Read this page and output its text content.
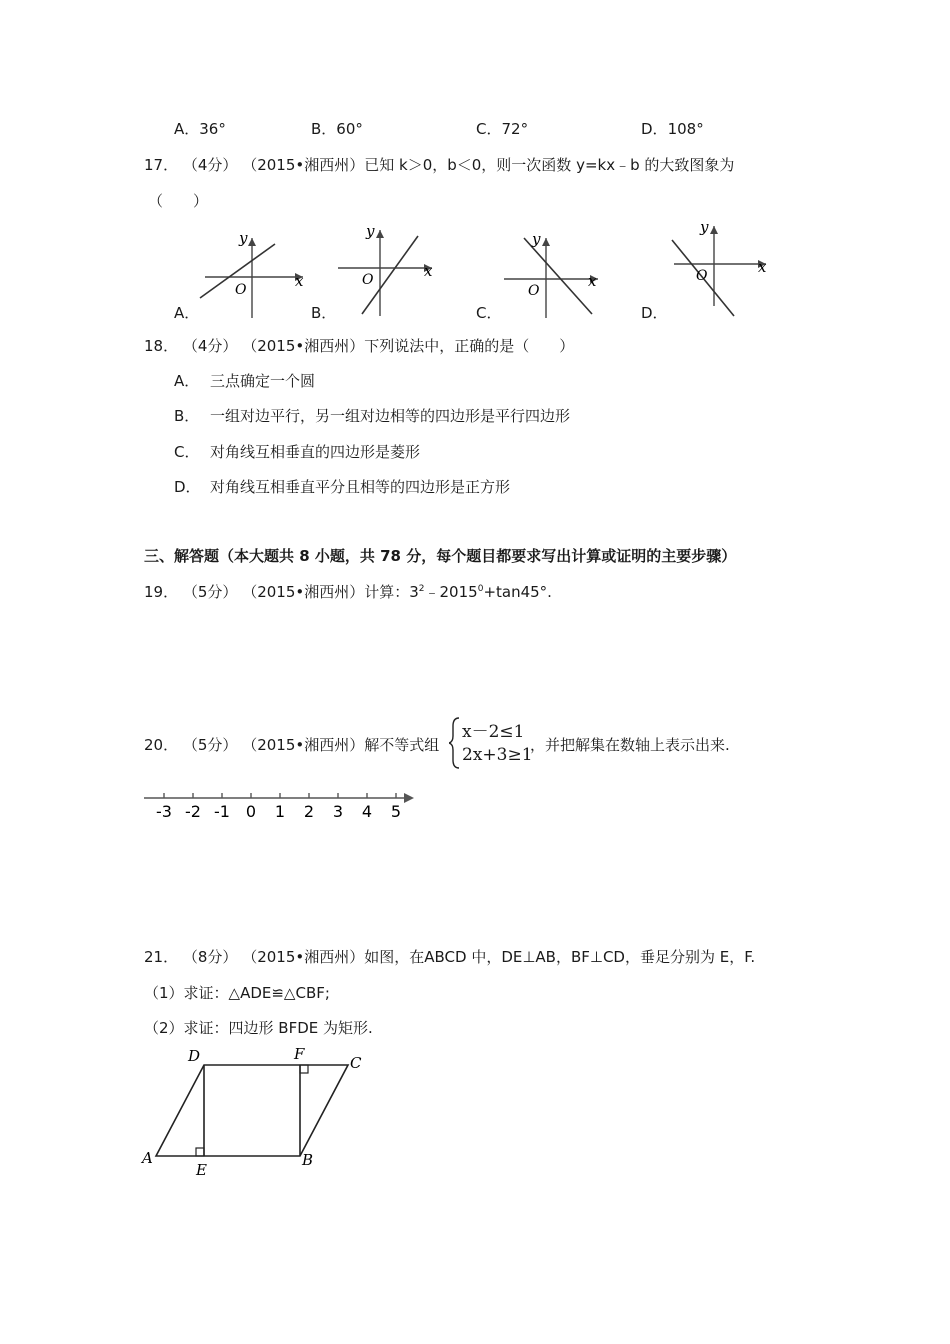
A．36°	B．60°	C．72°	D．108°
17． （4分） （2015•湘西州）已知 k＞0，b＜0，则一次函数 y=kx﹣b 的大致图象为
（　　）
y
x
O
A．
y
x
O
B．
y
x
O
C．
y
x
O
D．
18． （4分） （2015•湘西州）下列说法中，正确的是（　　）
A． 三点确定一个圆
B． 一组对边平行，另一组对边相等的四边形是平行四边形
C． 对角线互相垂直的四边形是菱形
D． 对角线互相垂直平分且相等的四边形是正方形
三、解答题（本大题共 8 小题，共 78 分，每个题目都要求写出计算或证明的主要步骤）
19． （5分） （2015•湘西州）计算：$3^2﹣2015^0+\tan 45^\circ$.
20． （5分） （2015•湘西州）解不等式组
x－2≤1
2x+3≥1
，并把解集在数轴上表示出来.
-3 -2 -1 0 1 2 3 4 5
21． （8分） （2015•湘西州）如图，在ABCD 中，DE⊥AB，BF⊥CD，垂足分别为 E，F.
（1）求证：△ADE≌△CBF;
（2）求证：四边形 BFDE 为矩形.
A
E
B
D	F	C
